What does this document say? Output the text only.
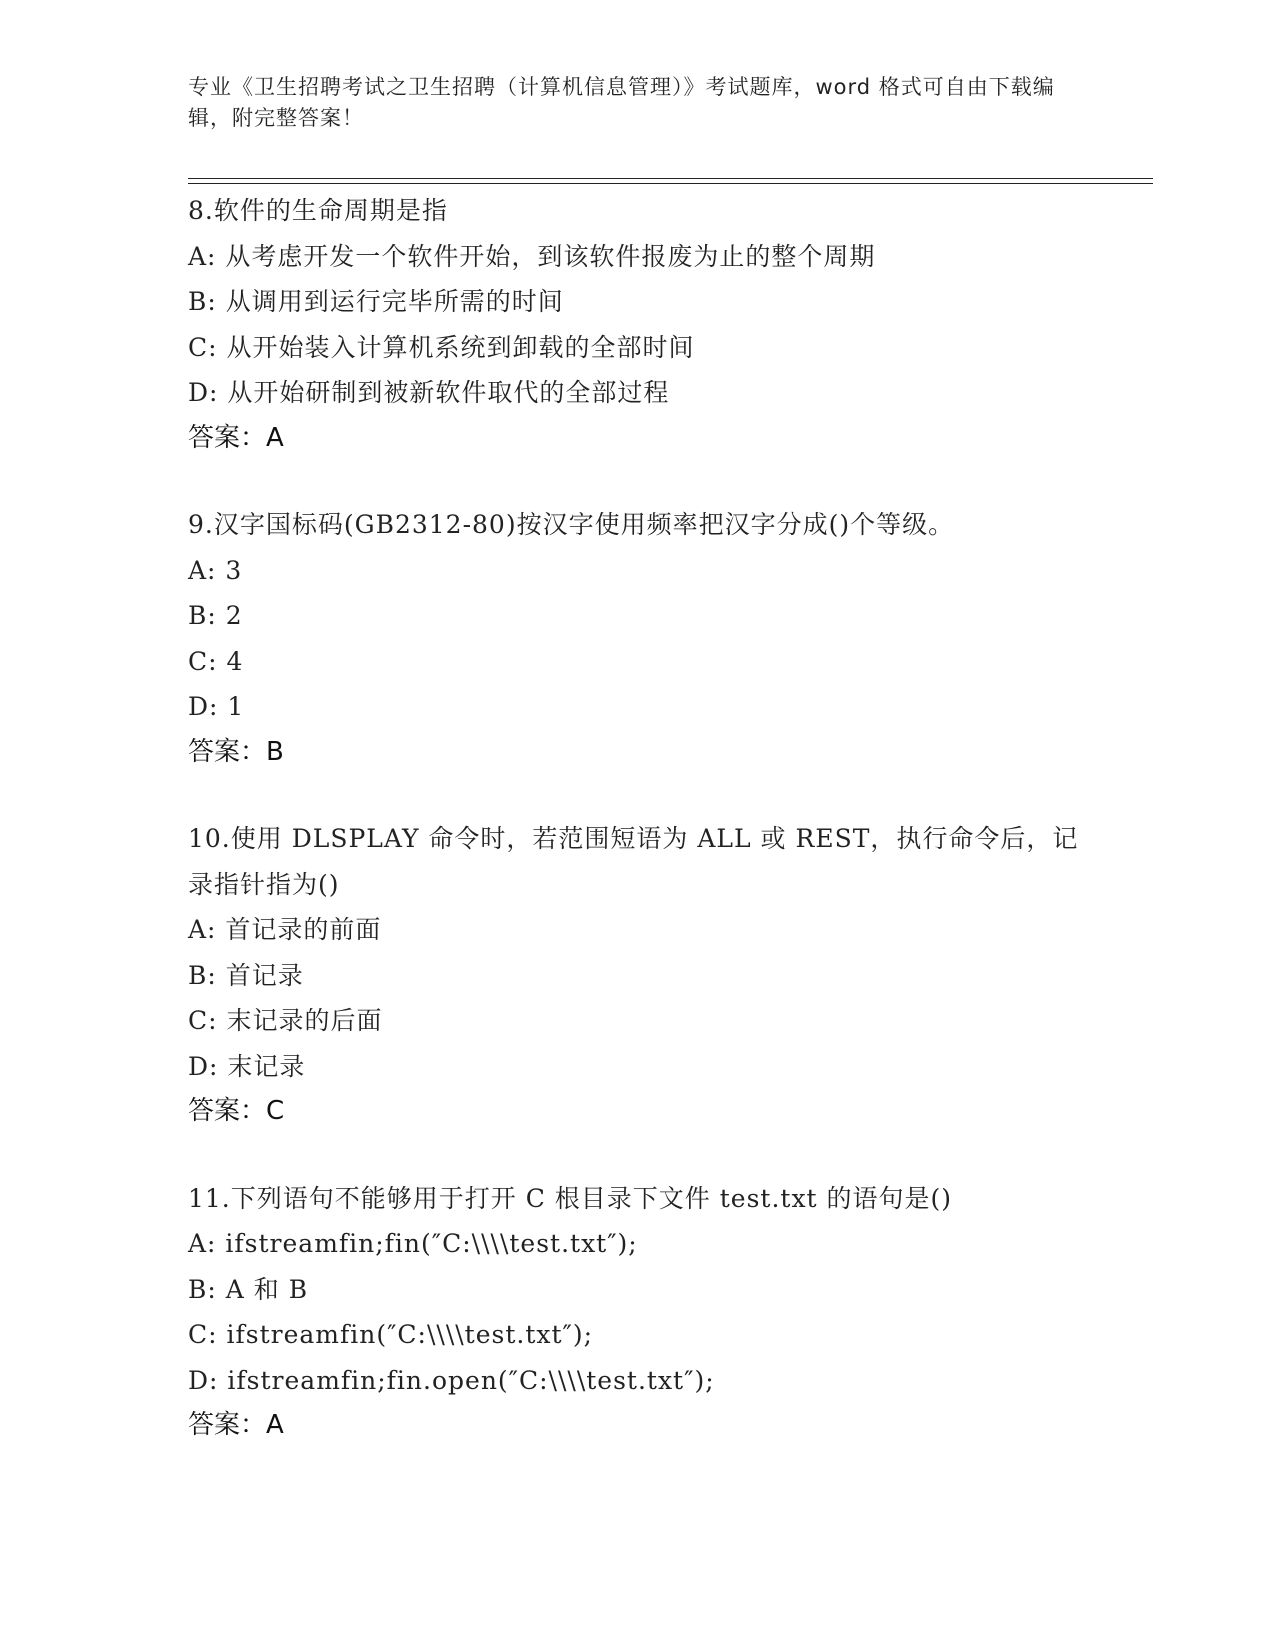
专业《卫生招聘考试之卫生招聘（计算机信息管理）》考试题库，word 格式可自由下载编辑，附完整答案！
8.软件的生命周期是指
A: 从考虑开发一个软件开始，到该软件报废为止的整个周期
B: 从调用到运行完毕所需的时间
C: 从开始装入计算机系统到卸载的全部时间
D: 从开始研制到被新软件取代的全部过程
答案：A
9.汉字国标码(GB2312-80)按汉字使用频率把汉字分成()个等级。
A: 3
B: 2
C: 4
D: 1
答案：B
10.使用 DLSPLAY 命令时，若范围短语为 ALL 或 REST，执行命令后，记录指针指为()
A: 首记录的前面
B: 首记录
C: 末记录的后面
D: 末记录
答案：C
11.下列语句不能够用于打开 C 根目录下文件 test.txt 的语句是()
A: ifstreamfin;fin(″C:\\\\test.txt″);
B: A 和 B
C: ifstreamfin(″C:\\\\test.txt″);
D: ifstreamfin;fin.open(″C:\\\\test.txt″);
答案：A
